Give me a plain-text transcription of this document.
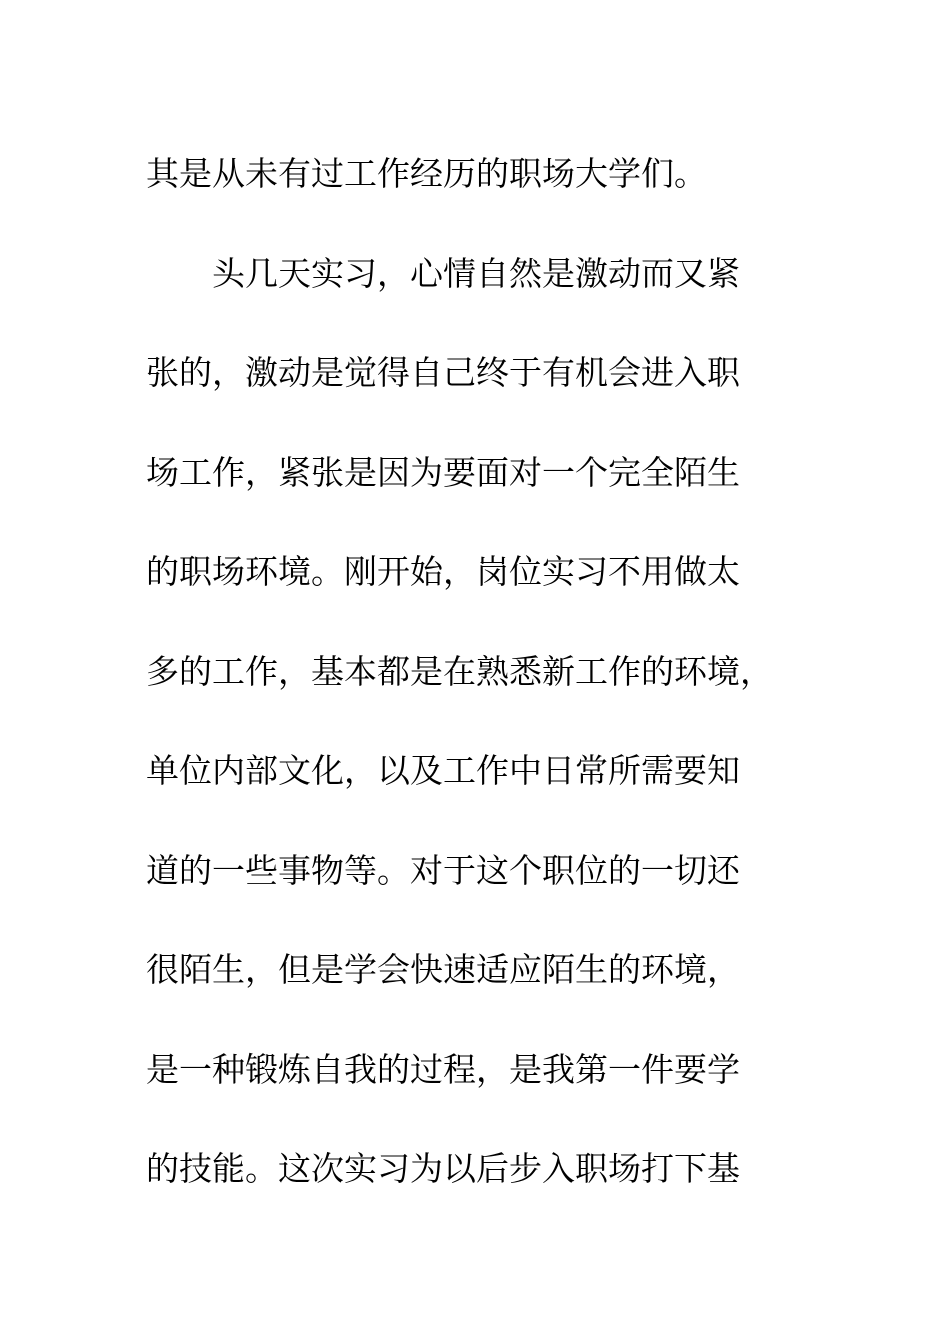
其是从未有过工作经历的职场大学们。
　　头几天实习，心情自然是激动而又紧
张的，激动是觉得自己终于有机会进入职
场工作，紧张是因为要面对一个完全陌生
的职场环境。刚开始，岗位实习不用做太
多的工作，基本都是在熟悉新工作的环境，
单位内部文化，以及工作中日常所需要知
道的一些事物等。对于这个职位的一切还
很陌生，但是学会快速适应陌生的环境，
是一种锻炼自我的过程，是我第一件要学
的技能。这次实习为以后步入职场打下基
